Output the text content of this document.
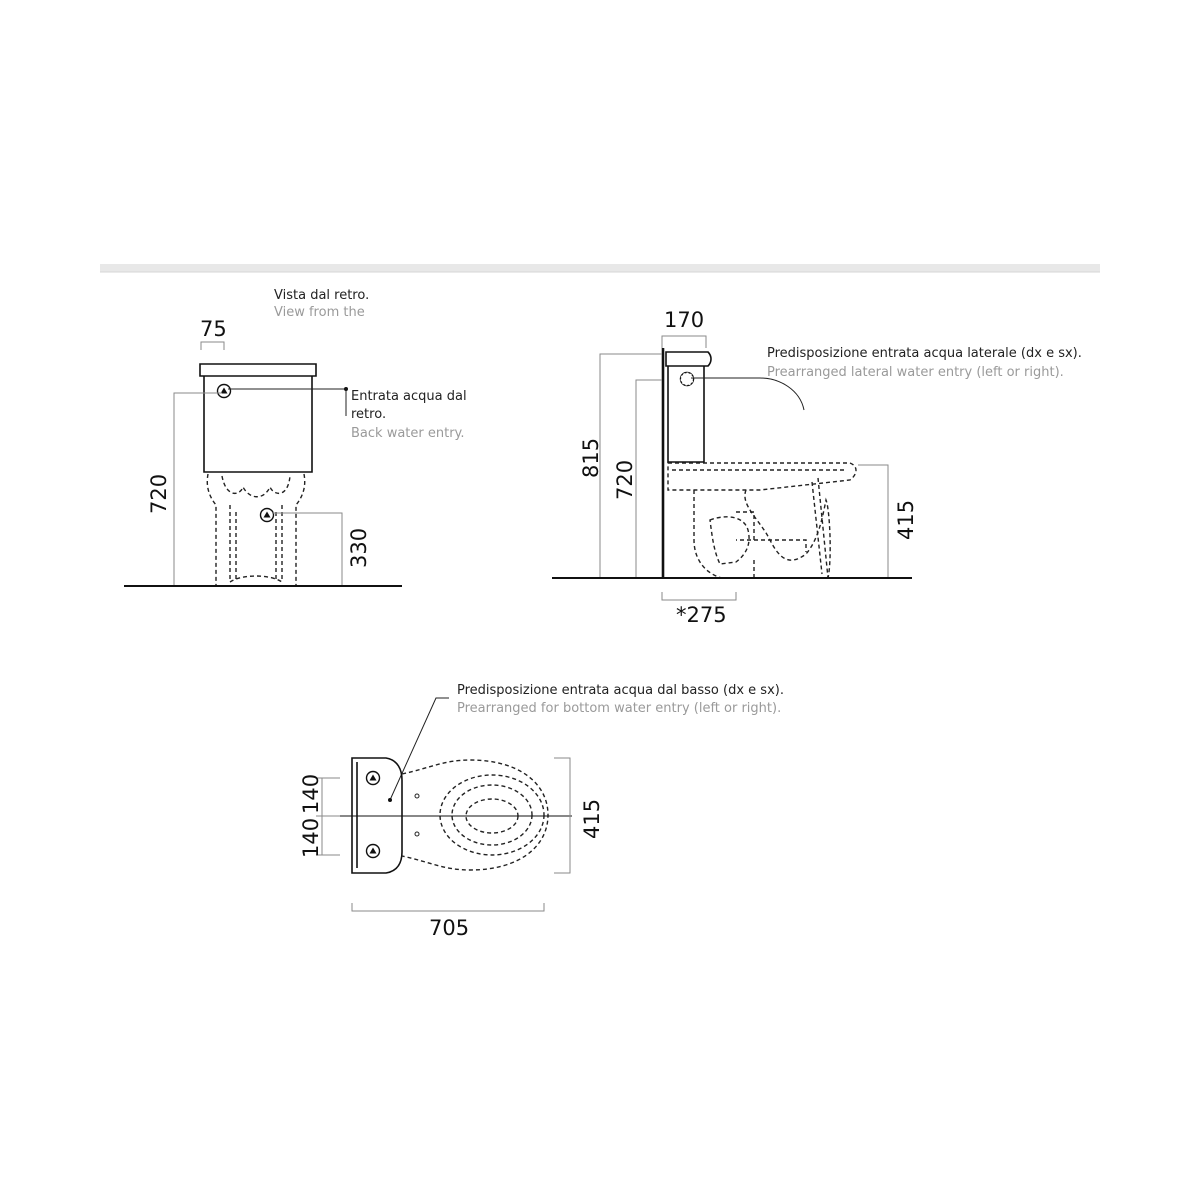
Vista dal retro.
View from the
75
Entrata acqua dal
retro.
Back water entry.
720
330
170
815
720
415
*275
Predisposizione entrata acqua laterale (dx e sx).
Prearranged lateral water entry (left or right).
Predisposizione entrata acqua dal basso (dx e sx).
Prearranged for bottom water entry (left or right).
140
140	415
705
